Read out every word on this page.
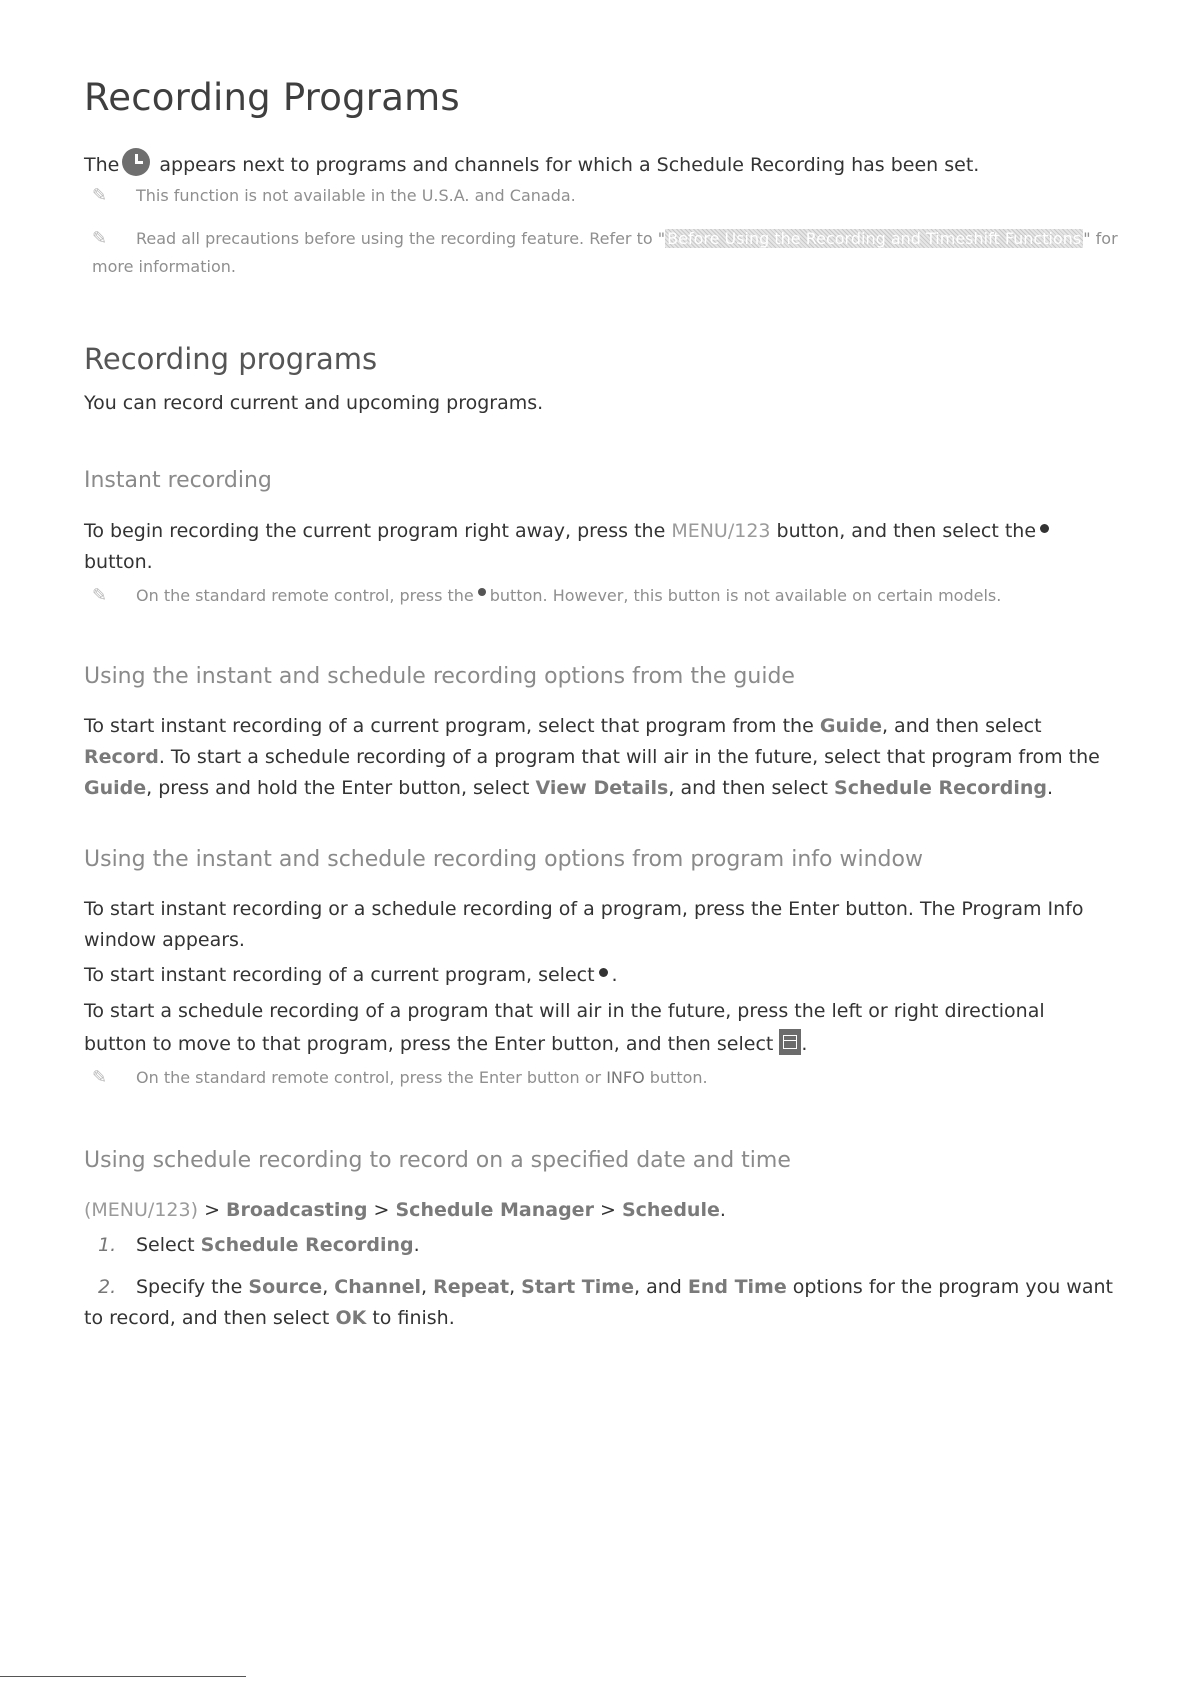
Recording Programs

The appears next to programs and channels for which a Schedule Recording has been set.

✎ This function is not available in the U.S.A. and Canada.

✎ Read all precautions before using the recording feature. Refer to " Before Using the Recording and Timeshift Functions " for more information.

Recording programs

You can record current and upcoming programs.

Instant recording

To begin recording the current program right away, press the MENU/123 button, and then select the button.

✎ On the standard remote control, press the button. However, this button is not available on certain models.

Using the instant and schedule recording options from the guide

To start instant recording of a current program, select that program from the Guide, and then select Record. To start a schedule recording of a program that will air in the future, select that program from the Guide, press and hold the Enter button, select View Details, and then select Schedule Recording.

Using the instant and schedule recording options from program info window

To start instant recording or a schedule recording of a program, press the Enter button. The Program Info window appears.

To start instant recording of a current program, select .

To start a schedule recording of a program that will air in the future, press the left or right directional button to move to that program, press the Enter button, and then select .

✎ On the standard remote control, press the Enter button or INFO button.

Using schedule recording to record on a specified date and time

(MENU/123) > Broadcasting > Schedule Manager > Schedule.

1. Select Schedule Recording.

2. Specify the Source, Channel, Repeat, Start Time, and End Time options for the program you want to record, and then select OK to finish.
